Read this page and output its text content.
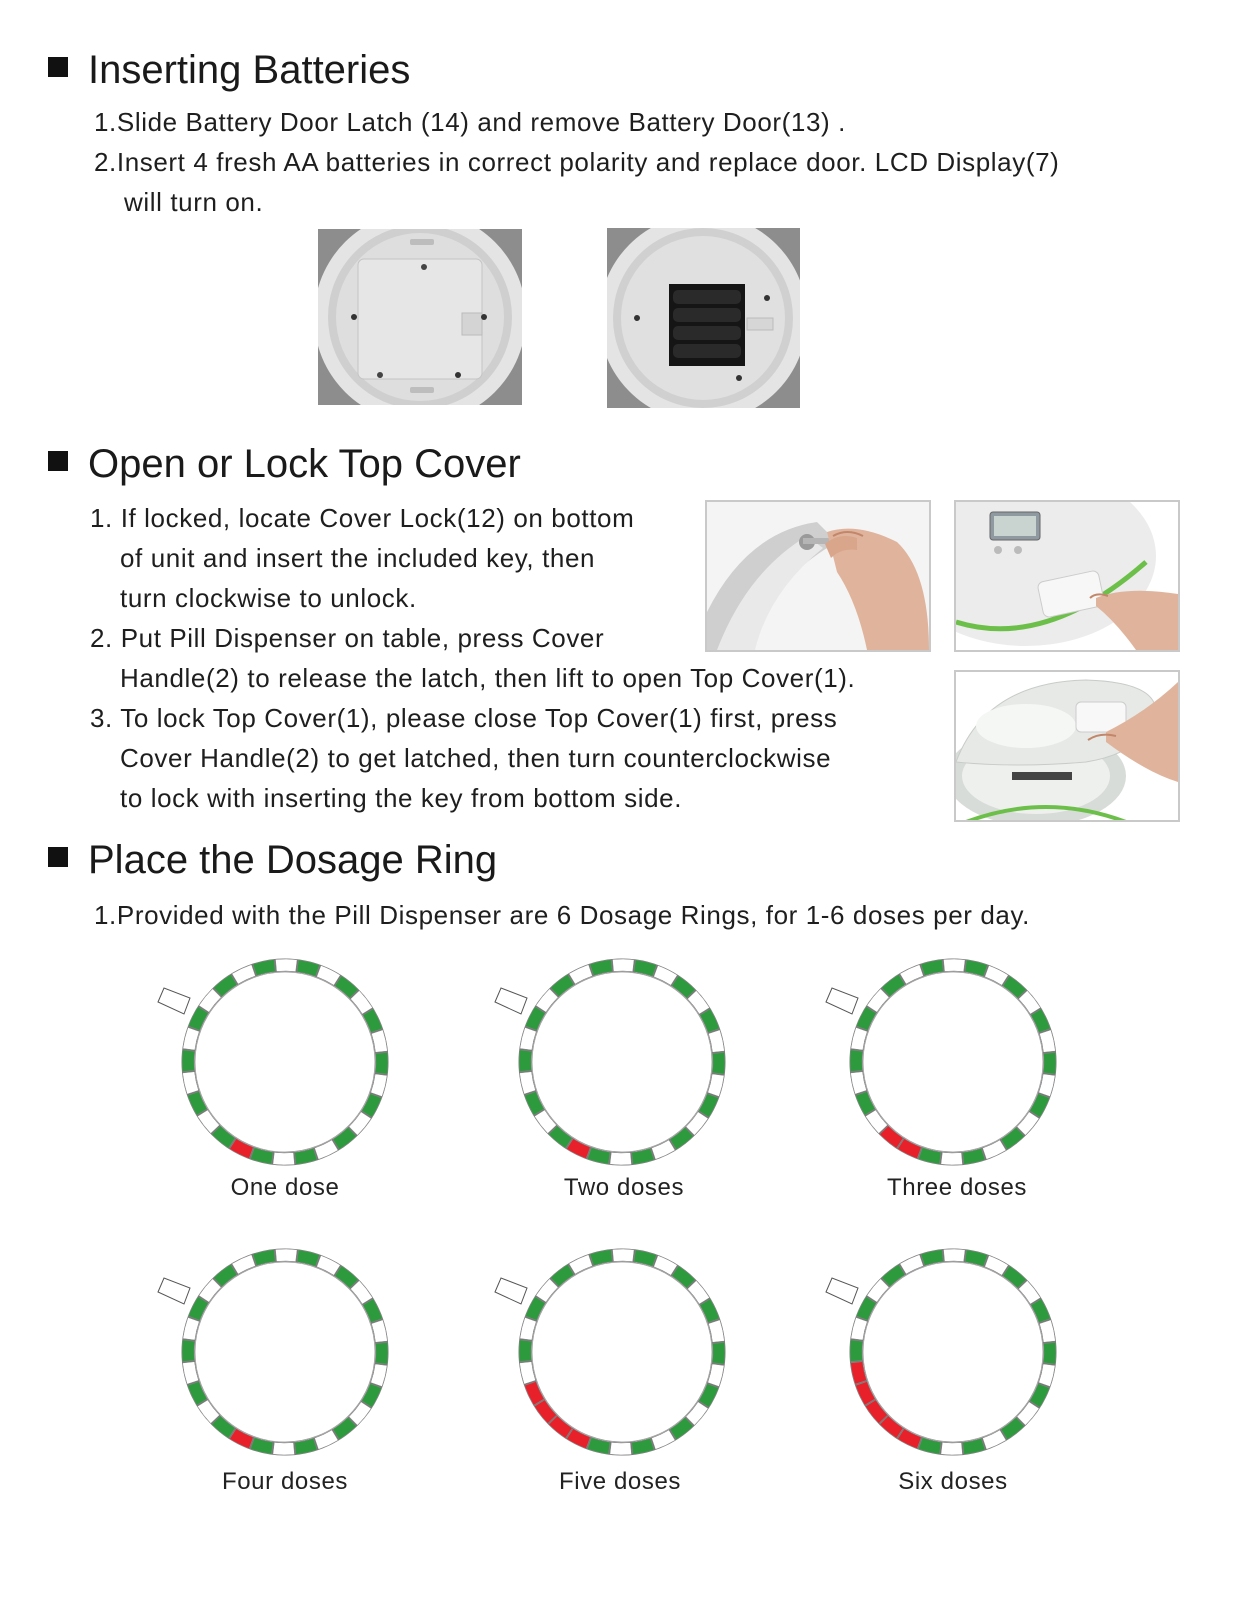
Inserting Batteries
1.Slide Battery Door Latch (14) and remove Battery Door(13) .
2.Insert 4 fresh AA batteries in correct polarity and replace door. LCD Display(7)
will turn on.
Open or Lock Top Cover
1. If locked, locate Cover Lock(12) on bottom
of unit and insert the included key, then
turn clockwise to unlock.
2. Put Pill Dispenser on table, press Cover
Handle(2) to release the latch, then lift to open Top Cover(1).
3. To lock Top Cover(1), please close Top Cover(1) first, press
Cover Handle(2) to get latched, then turn counterclockwise
to lock with inserting the key from bottom side.
Place the Dosage Ring
1.Provided with the Pill Dispenser are 6 Dosage Rings, for 1-6 doses per day.
One dose	Two doses	Three doses
Four doses	Five doses	Six doses
